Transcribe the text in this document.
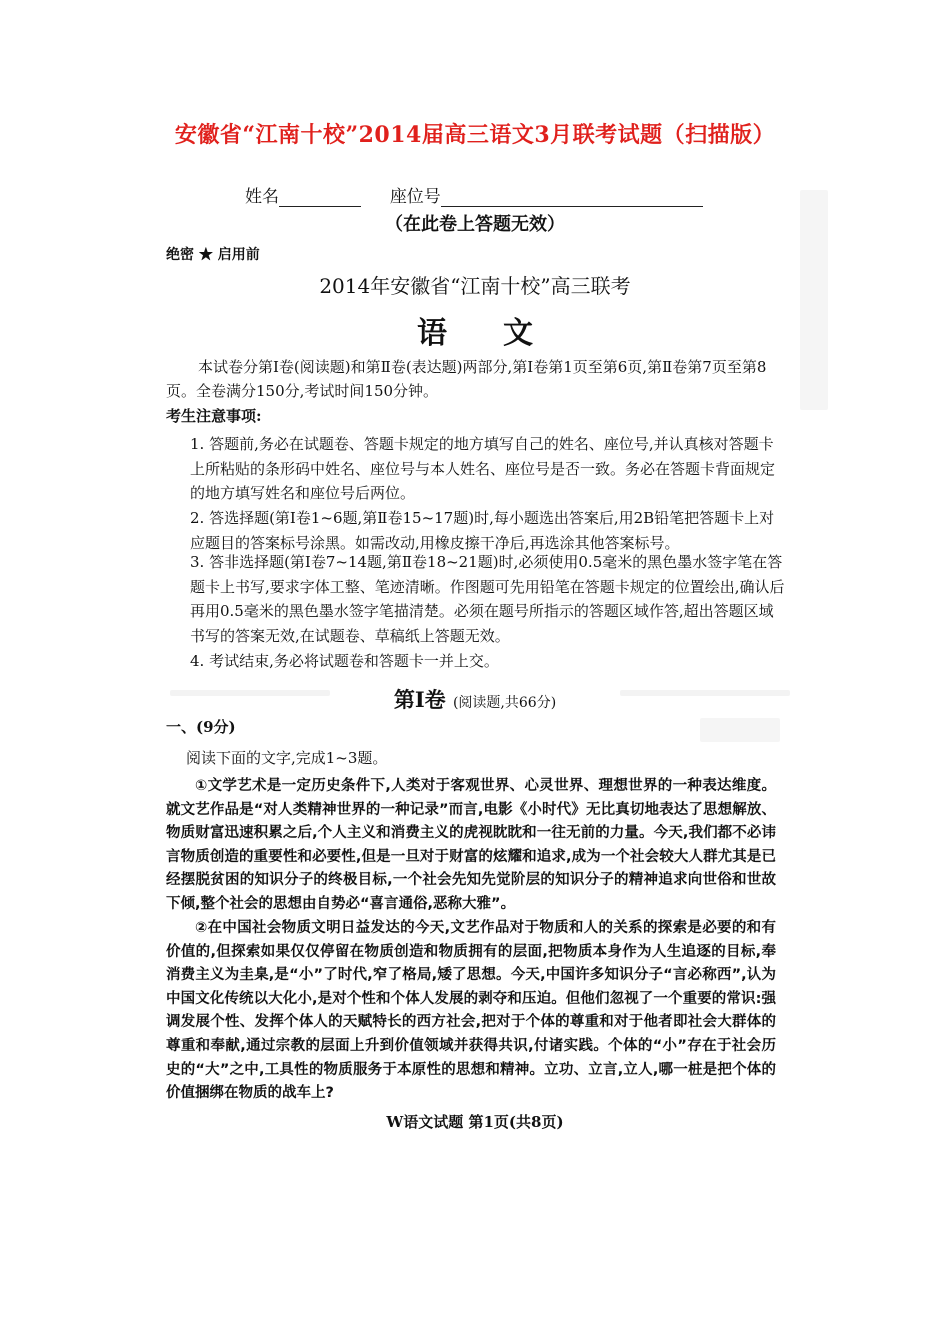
安徽省“江南十校”2014届高三语文3月联考试题（扫描版）
姓名	座位号
（在此卷上答题无效）
绝密 ★ 启用前
2014年安徽省“江南十校”高三联考
语文
本试卷分第Ⅰ卷(阅读题)和第Ⅱ卷(表达题)两部分,第Ⅰ卷第1页至第6页,第Ⅱ卷第7页至第8页。全卷满分150分,考试时间150分钟。
考生注意事项:
1. 答题前,务必在试题卷、答题卡规定的地方填写自己的姓名、座位号,并认真核对答题卡上所粘贴的条形码中姓名、座位号与本人姓名、座位号是否一致。务必在答题卡背面规定的地方填写姓名和座位号后两位。
2. 答选择题(第Ⅰ卷1~6题,第Ⅱ卷15~17题)时,每小题选出答案后,用2B铅笔把答题卡上对应题目的答案标号涂黑。如需改动,用橡皮擦干净后,再选涂其他答案标号。
3. 答非选择题(第Ⅰ卷7~14题,第Ⅱ卷18~21题)时,必须使用0.5毫米的黑色墨水签字笔在答题卡上书写,要求字体工整、笔迹清晰。作图题可先用铅笔在答题卡规定的位置绘出,确认后再用0.5毫米的黑色墨水签字笔描清楚。必须在题号所指示的答题区域作答,超出答题区域书写的答案无效,在试题卷、草稿纸上答题无效。
4. 考试结束,务必将试题卷和答题卡一并上交。
第Ⅰ卷 (阅读题,共66分)
一、(9分)
阅读下面的文字,完成1~3题。
①文学艺术是一定历史条件下,人类对于客观世界、心灵世界、理想世界的一种表达维度。就文艺作品是“对人类精神世界的一种记录”而言,电影《小时代》无比真切地表达了思想解放、物质财富迅速积累之后,个人主义和消费主义的虎视眈眈和一往无前的力量。今天,我们都不必讳言物质创造的重要性和必要性,但是一旦对于财富的炫耀和追求,成为一个社会较大人群尤其是已经摆脱贫困的知识分子的终极目标,一个社会先知先觉阶层的知识分子的精神追求向世俗和世故下倾,整个社会的思想由自势必“喜言通俗,恶称大雅”。
②在中国社会物质文明日益发达的今天,文艺作品对于物质和人的关系的探索是必要的和有价值的,但探索如果仅仅停留在物质创造和物质拥有的层面,把物质本身作为人生追逐的目标,奉消费主义为圭臬,是“小”了时代,窄了格局,矮了思想。今天,中国许多知识分子“言必称西”,认为中国文化传统以大化小,是对个性和个体人发展的剥夺和压迫。但他们忽视了一个重要的常识:强调发展个性、发挥个体人的天赋特长的西方社会,把对于个体的尊重和对于他者即社会大群体的尊重和奉献,通过宗教的层面上升到价值领域并获得共识,付诸实践。个体的“小”存在于社会历史的“大”之中,工具性的物质服务于本原性的思想和精神。立功、立言,立人,哪一桩是把个体的价值捆绑在物质的战车上?
W语文试题 第1页(共8页)
